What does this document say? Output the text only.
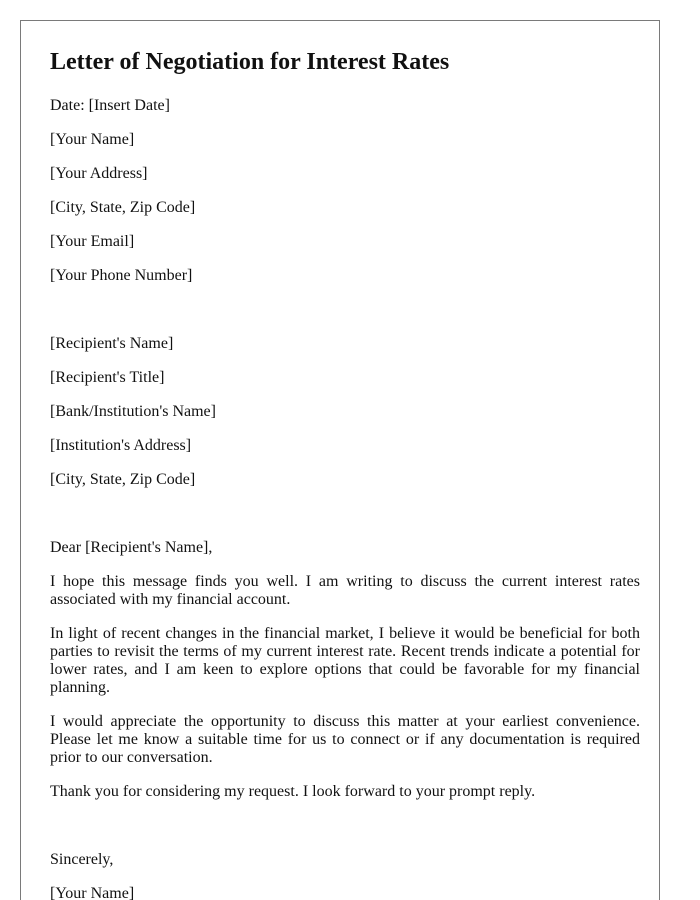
Letter of Negotiation for Interest Rates

Date: [Insert Date]

[Your Name]

[Your Address]

[City, State, Zip Code]

[Your Email]

[Your Phone Number]

[Recipient's Name]

[Recipient's Title]

[Bank/Institution's Name]

[Institution's Address]

[City, State, Zip Code]

Dear [Recipient's Name],

I hope this message finds you well. I am writing to discuss the current interest rates associated with my financial account.

In light of recent changes in the financial market, I believe it would be beneficial for both parties to revisit the terms of my current interest rate. Recent trends indicate a potential for lower rates, and I am keen to explore options that could be favorable for my financial planning.

I would appreciate the opportunity to discuss this matter at your earliest convenience. Please let me know a suitable time for us to connect or if any documentation is required prior to our conversation.

Thank you for considering my request. I look forward to your prompt reply.

Sincerely,

[Your Name]
